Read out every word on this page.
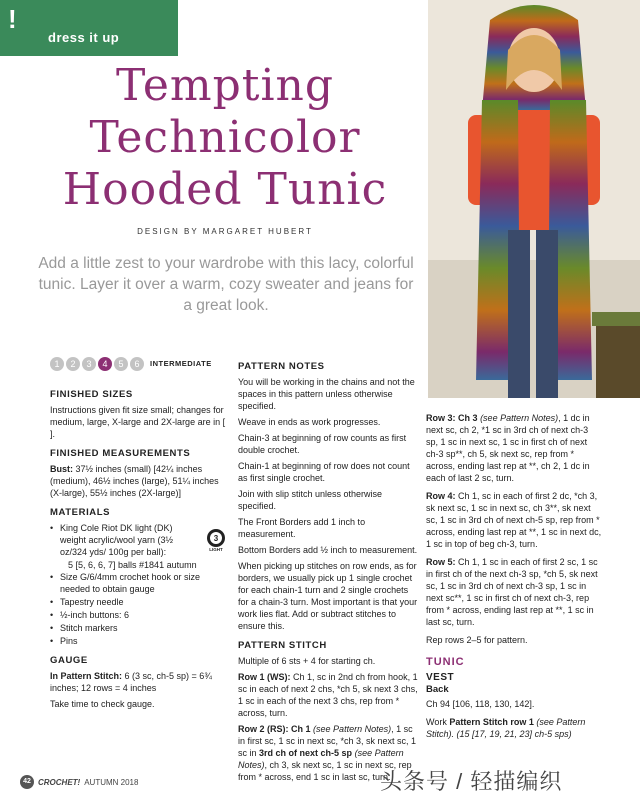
!
dress it up
Tempting
Technicolor
Hooded Tunic
DESIGN BY MARGARET HUBERT
Add a little zest to your wardrobe with this lacy, colorful tunic. Layer it over a warm, cozy sweater and jeans for a great look.
1	2	3	4	5	6	INTERMEDIATE
FINISHED SIZES

Instructions given fit size small; changes for medium, large, X-large and 2X-large are in [ ].

FINISHED MEASUREMENTS

Bust: 37½ inches (small) [42¼ inches (medium), 46½ inches (large), 51¼ inches (X-large), 55½ inches (2X-large)]

MATERIALS
• King Cole Riot DK light (DK) weight acrylic/wool yarn (3½ oz/324 yds/ 100g per ball):
3
LIGHT
5 [5, 6, 6, 7] balls #1841 autumn
• Size G/6/4mm crochet hook or size needed to obtain gauge
• Tapestry needle
• ½-inch buttons: 6
• Stitch markers
• Pins
GAUGE

In Pattern Stitch: 6 (3 sc, ch-5 sp) = 6¾ inches; 12 rows = 4 inches

Take time to check gauge.

PATTERN NOTES

You will be working in the chains and not the spaces in this pattern unless otherwise specified.

Weave in ends as work progresses.

Chain-3 at beginning of row counts as first double crochet.

Chain-1 at beginning of row does not count as first single crochet.

Join with slip stitch unless otherwise specified.

The Front Borders add 1 inch to measurement.

Bottom Borders add ½ inch to measurement.

When picking up stitches on row ends, as for borders, we usually pick up 1 single crochet for each chain-1 turn and 2 single crochets for a chain-3 turn. Most important is that your work lies flat. Add or subtract stitches to ensure this.

PATTERN STITCH

Multiple of 6 sts + 4 for starting ch.

Row 1 (WS): Ch 1, sc in 2nd ch from hook, 1 sc in each of next 2 chs, *ch 5, sk next 3 chs, 1 sc in each of the next 3 chs, rep from * across, turn.

Row 2 (RS): Ch 1 (see Pattern Notes), 1 sc in first sc, 1 sc in next sc, *ch 3, sk next sc, 1 sc in 3rd ch of next ch-5 sp (see Pattern Notes), ch 3, sk next sc, 1 sc in next sc, rep from * across, end 1 sc in last sc, turn.

Row 3: Ch 3 (see Pattern Notes), 1 dc in next sc, ch 2, *1 sc in 3rd ch of next ch-3 sp, 1 sc in next sc, 1 sc in first ch of next ch-3 sp**, ch 5, sk next sc, rep from * across, ending last rep at **, ch 2, 1 dc in each of last 2 sc, turn.

Row 4: Ch 1, sc in each of first 2 dc, *ch 3, sk next sc, 1 sc in next sc, ch 3**, sk next sc, 1 sc in 3rd ch of next ch-5 sp, rep from * across, ending last rep at **, 1 sc in next dc, 1 sc in top of beg ch-3, turn.

Row 5: Ch 1, 1 sc in each of first 2 sc, 1 sc in first ch of the next ch-3 sp, *ch 5, sk next sc, 1 sc in 3rd ch of next ch-3 sp, 1 sc in next sc**, 1 sc in first ch of next ch-3, rep from * across, ending last rep at **, 1 sc in last sc, turn.

Rep rows 2–5 for pattern.

TUNIC
VEST
Back

Ch 94 [106, 118, 130, 142].

Work Pattern Stitch row 1 (see Pattern Stitch). (15 [17, 19, 21, 23] ch-5 sps)

42 CROCHET! AUTUMN 2018	头条号 / 轻描编织
